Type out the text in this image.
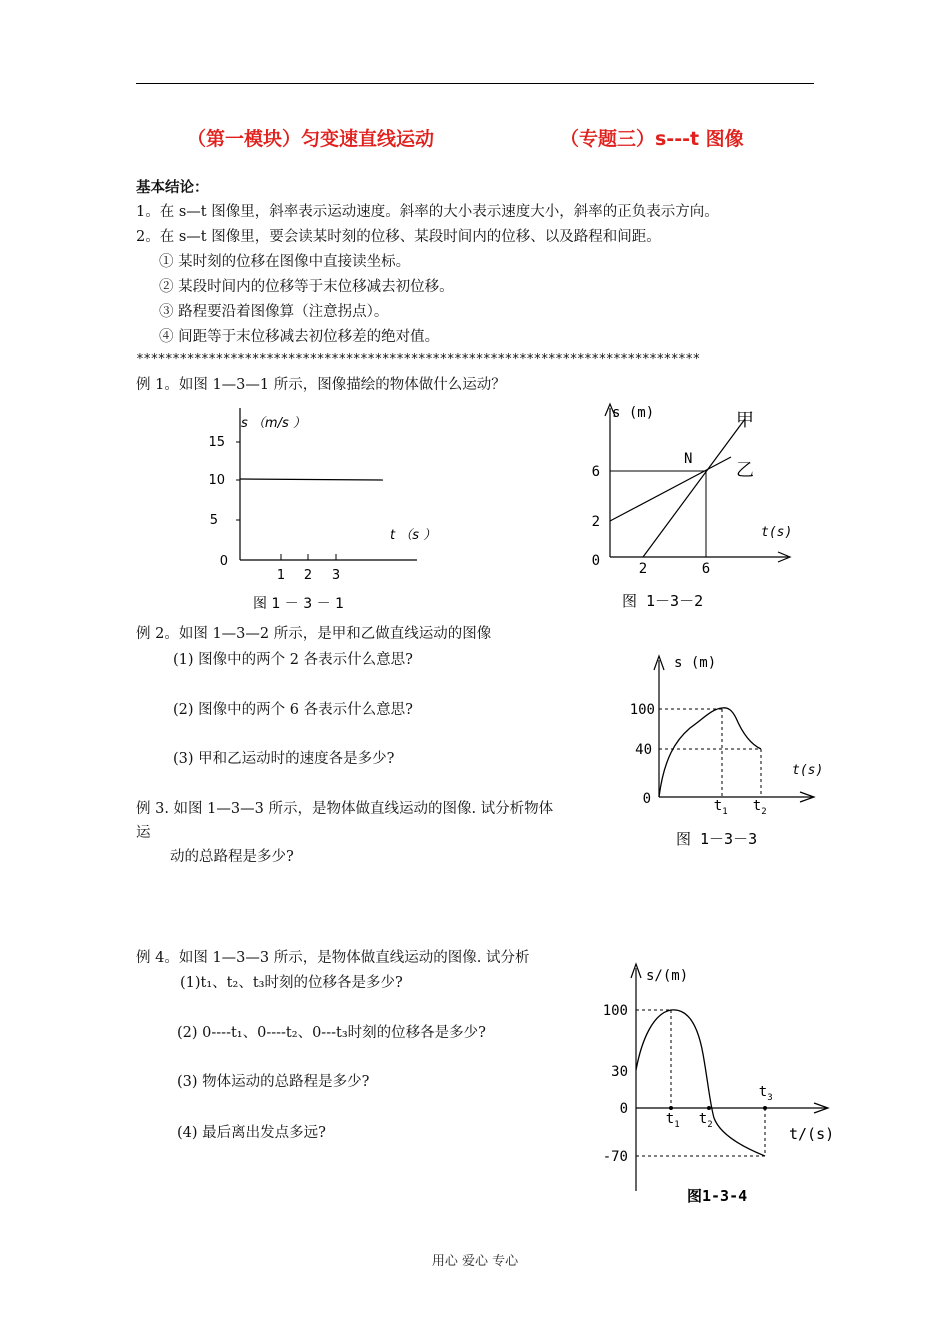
（第一模块）匀变速直线运动	（专题三）s---t 图像
基本结论：
1。在 s—t 图像里，斜率表示运动速度。斜率的大小表示速度大小，斜率的正负表示方向。
2。在 s—t 图像里，要会读某时刻的位移、某段时间内的位移、以及路程和间距。
① 某时刻的位移在图像中直接读坐标。
② 某段时间内的位移等于末位移减去初位移。
③ 路程要沿着图像算（注意拐点）。
④ 间距等于末位移减去初位移差的绝对值。
******************************************************************************
例 1。如图 1—3—1 所示，图像描绘的物体做什么运动？
s （m/s ）
t （s ）
15
10
5
0
1 2 3
图 1 － 3 － 1
s (m)
t(s)
甲
乙
N
6
2
0	2	6
图 1－3－2
例 2。如图 1—3—2 所示，是甲和乙做直线运动的图像
(1) 图像中的两个 2 各表示什么意思?
(2) 图像中的两个 6 各表示什么意思?
(3) 甲和乙运动时的速度各是多少?
s (m)
t(s)
100
40
0	t 1 t 2
图 1－3－3
例 3. 如图 1—3—3 所示，是物体做直线运动的图像. 试分析物体
运
动的总路程是多少?
例 4。如图 1—3—3 所示，是物体做直线运动的图像. 试分析
(1)t₁、t₂、t₃时刻的位移各是多少?
(2) 0----t₁、0----t₂、0---t₃时刻的位移各是多少?
(3) 物体运动的总路程是多少?
(4) 最后离出发点多远?
s/(m)
t/(s)
100
30
0
-70
t 1 t 2
t 3
图1-3-4
用心 爱心 专心
